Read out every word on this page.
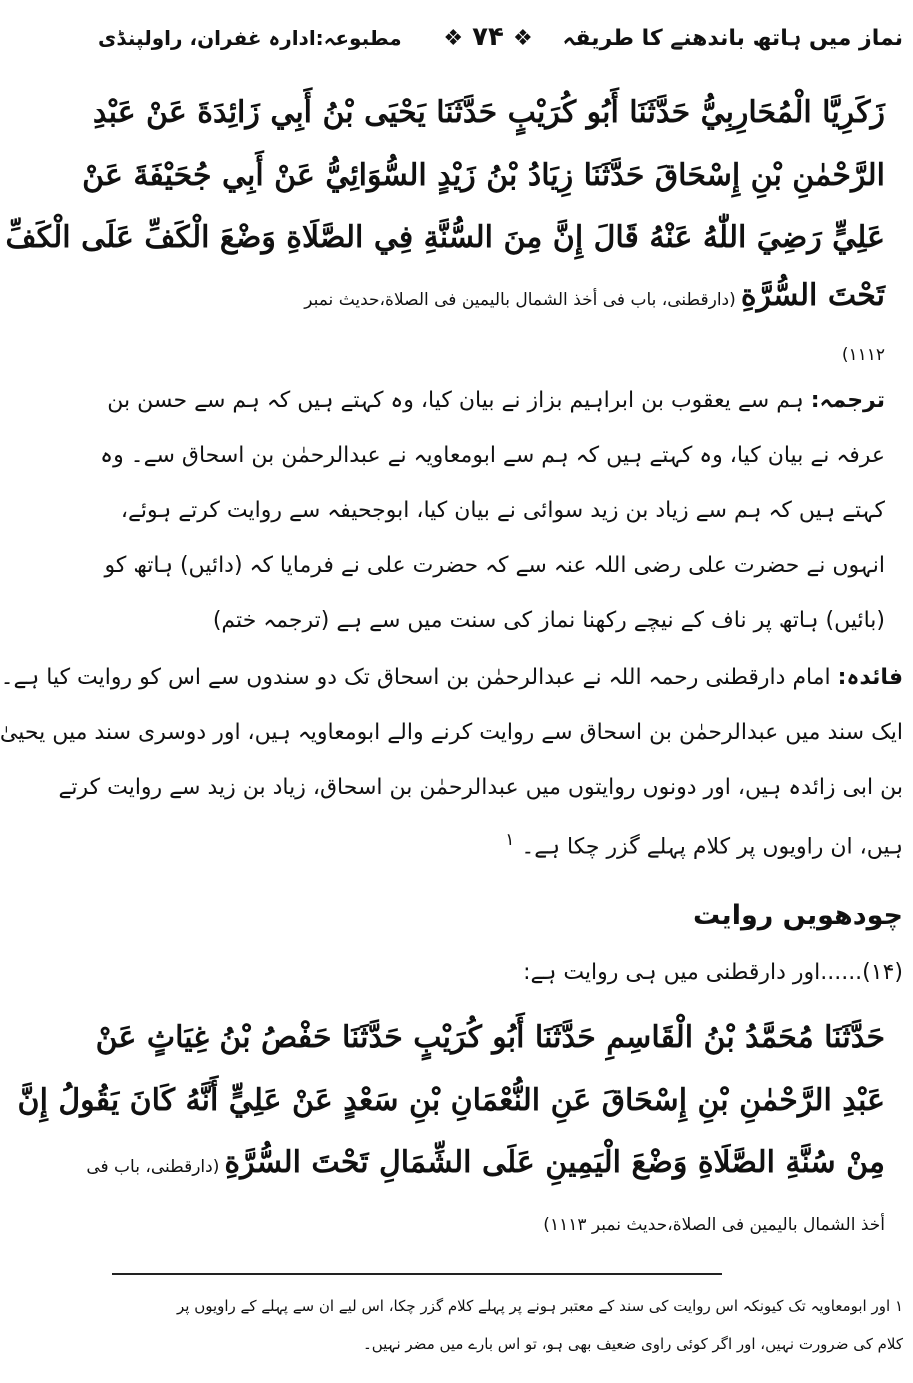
نماز میں ہاتھ باندھنے کا طریقہ
❖ ۷۴ ❖
مطبوعہ:ادارہ غفران، راولپنڈی
زَكَرِيَّا الْمُحَارِبِيُّ حَدَّثَنَا أَبُو كُرَيْبٍ حَدَّثَنَا يَحْيَى بْنُ أَبِي زَائِدَةَ عَنْ عَبْدِ
الرَّحْمٰنِ بْنِ إِسْحَاقَ حَدَّثَنَا زِيَادُ بْنُ زَيْدٍ السُّوَائِيُّ عَنْ أَبِي جُحَيْفَةَ عَنْ
عَلِيٍّ رَضِيَ اللّٰهُ عَنْهُ قَالَ إِنَّ مِنَ السُّنَّةِ فِي الصَّلَاةِ وَضْعَ الْكَفِّ عَلَى الْكَفِّ
تَحْتَ السُّرَّةِ (دارقطنی، باب فی أخذ الشمال بالیمین فی الصلاة،حدیث نمبر
۱۱۱۲)
ترجمہ: ہم سے یعقوب بن ابراہیم بزاز نے بیان کیا، وہ کہتے ہیں کہ ہم سے حسن بن
عرفہ نے بیان کیا، وہ کہتے ہیں کہ ہم سے ابومعاویہ نے عبدالرحمٰن بن اسحاق سے۔ وہ
کہتے ہیں کہ ہم سے زیاد بن زید سوائی نے بیان کیا، ابوجحیفہ سے روایت کرتے ہوئے،
انہوں نے حضرت علی رضی اللہ عنہ سے کہ حضرت علی نے فرمایا کہ (دائیں) ہاتھ کو
(بائیں) ہاتھ پر ناف کے نیچے رکھنا نماز کی سنت میں سے ہے (ترجمہ ختم)
فائدہ: امام دارقطنی رحمہ اللہ نے عبدالرحمٰن بن اسحاق تک دو سندوں سے اس کو روایت کیا ہے۔
ایک سند میں عبدالرحمٰن بن اسحاق سے روایت کرنے والے ابومعاویہ ہیں، اور دوسری سند میں یحییٰ
بن ابی زائدہ ہیں، اور دونوں روایتوں میں عبدالرحمٰن بن اسحاق، زیاد بن زید سے روایت کرتے
ہیں، ان راویوں پر کلام پہلے گزر چکا ہے۔ $^۱$
چودھویں روایت
(۱۴)......اور دارقطنی میں ہی روایت ہے:
حَدَّثَنَا مُحَمَّدُ بْنُ الْقَاسِمِ حَدَّثَنَا أَبُو كُرَيْبٍ حَدَّثَنَا حَفْصُ بْنُ غِيَاثٍ عَنْ
عَبْدِ الرَّحْمٰنِ بْنِ إِسْحَاقَ عَنِ النُّعْمَانِ بْنِ سَعْدٍ عَنْ عَلِيٍّ أَنَّهُ كَانَ يَقُولُ إِنَّ
مِنْ سُنَّةِ الصَّلَاةِ وَضْعَ الْيَمِينِ عَلَى الشِّمَالِ تَحْتَ السُّرَّةِ (دارقطنی، باب فی
أخذ الشمال بالیمین فی الصلاة،حدیث نمبر ۱۱۱۳)
۱ اور ابومعاویہ تک کیونکہ اس روایت کی سند کے معتبر ہونے پر پہلے کلام گزر چکا، اس لیے ان سے پہلے کے راویوں پر
کلام کی ضرورت نہیں، اور اگر کوئی راوی ضعیف بھی ہو، تو اس بارے میں مضر نہیں۔
